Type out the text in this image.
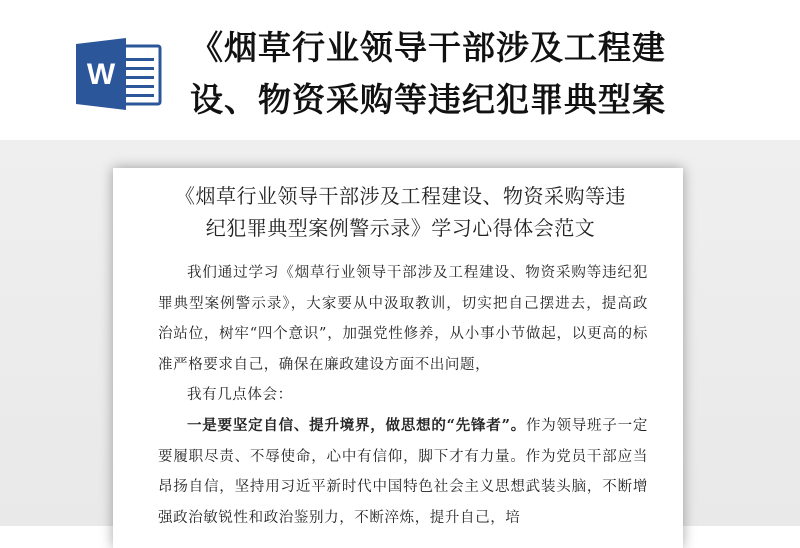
W
《烟草行业领导干部涉及工程建
设、物资采购等违纪犯罪典型案
《烟草行业领导干部涉及工程建设、物资采购等违
纪犯罪典型案例警示录》学习心得体会范文

我们通过学习《烟草行业领导干部涉及工程建设、物资采购等违纪犯罪典型案例警示录》，大家要从中汲取教训，切实把自己摆进去，提高政治站位，树牢“四个意识”，加强党性修养，从小事小节做起，以更高的标准严格要求自己，确保在廉政建设方面不出问题，

我有几点体会：

一是要坚定自信、提升境界，做思想的“先锋者”。作为领导班子一定要履职尽责、不辱使命，心中有信仰，脚下才有力量。作为党员干部应当昂扬自信，坚持用习近平新时代中国特色社会主义思想武装头脑，不断增强政治敏锐性和政治鉴别力，不断淬炼，提升自己，培
